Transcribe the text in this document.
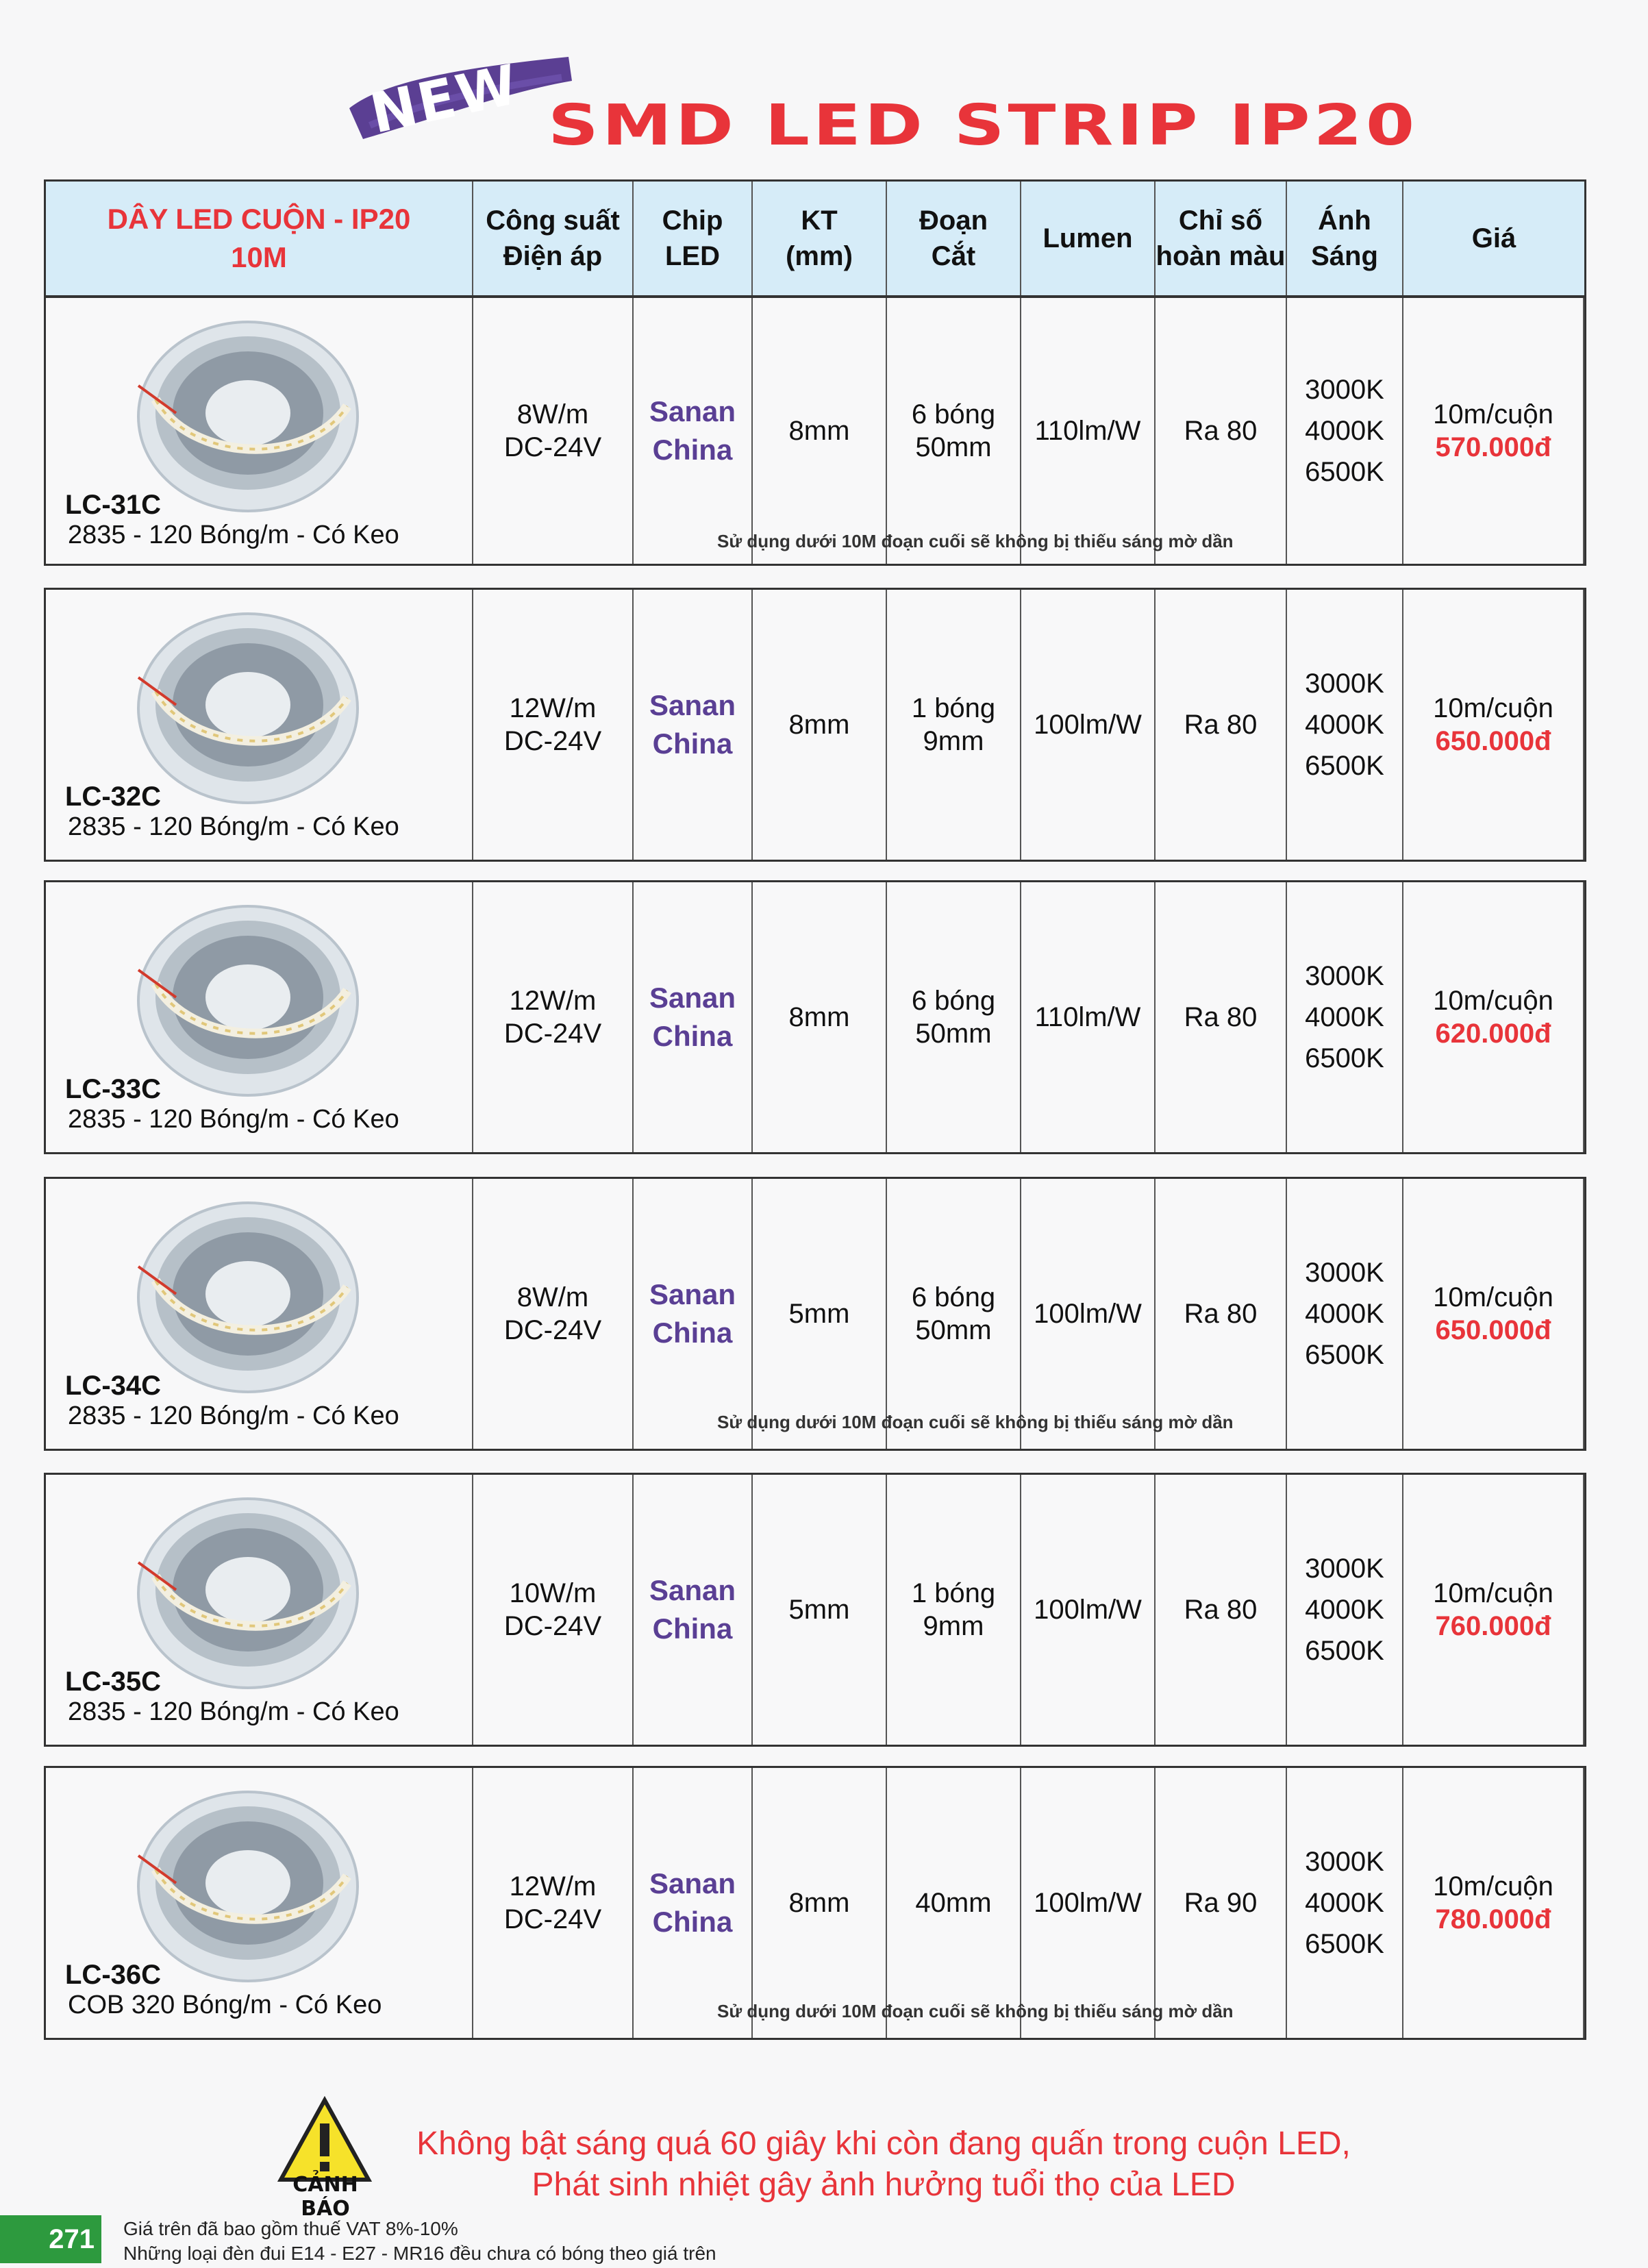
NEW SMD LED STRIP IP20
DÂY LED CUỘN - IP20
10M
Công suất
Điện áp
Chip
LED
KT
(mm)
Đoạn
Cắt
Lumen
Chỉ số
hoàn màu
Ánh
Sáng
Giá
LC-31C
2835 - 120 Bóng/m - Có Keo
8W/m
DC-24V
Sanan
China
8mm
6 bóng
50mm
110lm/W Ra 80
3000K
4000K
6500K
10m/cuộn
570.000đ
Sử dụng dưới 10M đoạn cuối sẽ không bị thiếu sáng mờ dần
LC-32C
2835 - 120 Bóng/m - Có Keo
12W/m
DC-24V
Sanan
China
8mm
1 bóng
9mm
100lm/W Ra 80
3000K
4000K
6500K
10m/cuộn
650.000đ
LC-33C
2835 - 120 Bóng/m - Có Keo
12W/m
DC-24V
Sanan
China
8mm
6 bóng
50mm
110lm/W Ra 80
3000K
4000K
6500K
10m/cuộn
620.000đ
LC-34C
2835 - 120 Bóng/m - Có Keo
8W/m
DC-24V
Sanan
China
5mm
6 bóng
50mm
100lm/W Ra 80
3000K
4000K
6500K
10m/cuộn
650.000đ
Sử dụng dưới 10M đoạn cuối sẽ không bị thiếu sáng mờ dần
LC-35C
2835 - 120 Bóng/m - Có Keo
10W/m
DC-24V
Sanan
China
5mm
1 bóng
9mm
100lm/W Ra 80
3000K
4000K
6500K
10m/cuộn
760.000đ
LC-36C
COB 320 Bóng/m - Có Keo
12W/m
DC-24V
Sanan
China
8mm 40mm 100lm/W Ra 90
3000K
4000K
6500K
10m/cuộn
780.000đ
Sử dụng dưới 10M đoạn cuối sẽ không bị thiếu sáng mờ dần
CẢNH BÁO
Không bật sáng quá 60 giây khi còn đang quấn trong cuộn LED,
Phát sinh nhiệt gây ảnh hưởng tuổi thọ của LED
271	Giá trên đã bao gồm thuế VAT 8%-10%
Những loại đèn đui E14 - E27 - MR16 đều chưa có bóng theo giá trên
